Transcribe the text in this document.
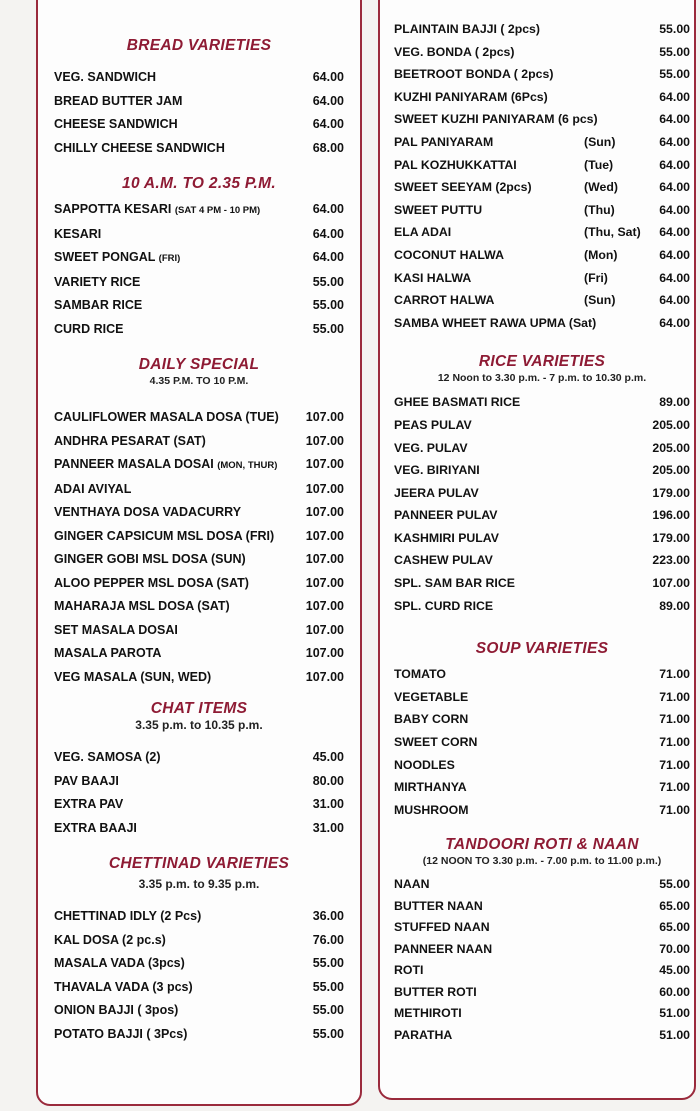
BREAD VARIETIES
VEG. SANDWICH	64.00
BREAD BUTTER JAM	64.00
CHEESE SANDWICH	64.00
CHILLY CHEESE SANDWICH	68.00
10 A.M. TO 2.35 P.M.
SAPPOTTA KESARI (SAT 4 PM - 10 PM)	64.00
KESARI	64.00
SWEET PONGAL (FRI)	64.00
VARIETY RICE	55.00
SAMBAR RICE	55.00
CURD RICE	55.00
DAILY SPECIAL
4.35 P.M. TO 10 P.M.
CAULIFLOWER MASALA DOSA (TUE)	107.00
ANDHRA PESARAT (SAT)	107.00
PANNEER MASALA DOSAI (MON, THUR)	107.00
ADAI AVIYAL	107.00
VENTHAYA DOSA VADACURRY	107.00
GINGER CAPSICUM MSL DOSA (FRI)	107.00
GINGER GOBI MSL DOSA (SUN)	107.00
ALOO PEPPER MSL DOSA (SAT)	107.00
MAHARAJA MSL DOSA (SAT)	107.00
SET MASALA DOSAI	107.00
MASALA PAROTA	107.00
VEG MASALA (SUN, WED)	107.00
CHAT ITEMS
3.35 p.m. to 10.35 p.m.
VEG. SAMOSA (2)	45.00
PAV BAAJI	80.00
EXTRA PAV	31.00
EXTRA BAAJI	31.00
CHETTINAD VARIETIES
3.35 p.m. to 9.35 p.m.
CHETTINAD IDLY (2 Pcs)	36.00
KAL DOSA (2 pc.s)	76.00
MASALA VADA (3pcs)	55.00
THAVALA VADA (3 pcs)	55.00
ONION BAJJI ( 3pos)	55.00
POTATO BAJJI ( 3Pcs)	55.00
PLAINTAIN BAJJI ( 2pcs)	55.00
VEG. BONDA ( 2pcs)	55.00
BEETROOT BONDA ( 2pcs)	55.00
KUZHI PANIYARAM (6Pcs)	64.00
SWEET KUZHI PANIYARAM (6 pcs)	64.00
PAL PANIYARAM	(Sun)	64.00
PAL KOZHUKKATTAI	(Tue)	64.00
SWEET SEEYAM (2pcs)	(Wed)	64.00
SWEET PUTTU	(Thu)	64.00
ELA ADAI	(Thu, Sat)	64.00
COCONUT HALWA	(Mon)	64.00
KASI HALWA	(Fri)	64.00
CARROT HALWA	(Sun)	64.00
SAMBA WHEET RAWA UPMA (Sat)	64.00
RICE VARIETIES
12 Noon to 3.30 p.m. - 7 p.m. to 10.30 p.m.
GHEE BASMATI RICE	89.00
PEAS PULAV	205.00
VEG. PULAV	205.00
VEG. BIRIYANI	205.00
JEERA PULAV	179.00
PANNEER PULAV	196.00
KASHMIRI PULAV	179.00
CASHEW PULAV	223.00
SPL. SAM BAR RICE	107.00
SPL. CURD RICE	89.00
SOUP VARIETIES
TOMATO	71.00
VEGETABLE	71.00
BABY CORN	71.00
SWEET CORN	71.00
NOODLES	71.00
MIRTHANYA	71.00
MUSHROOM	71.00
TANDOORI ROTI & NAAN
(12 NOON TO 3.30 p.m. - 7.00 p.m. to 11.00 p.m.)
NAAN	55.00
BUTTER NAAN	65.00
STUFFED NAAN	65.00
PANNEER NAAN	70.00
ROTI	45.00
BUTTER ROTI	60.00
METHIROTI	51.00
PARATHA	51.00
